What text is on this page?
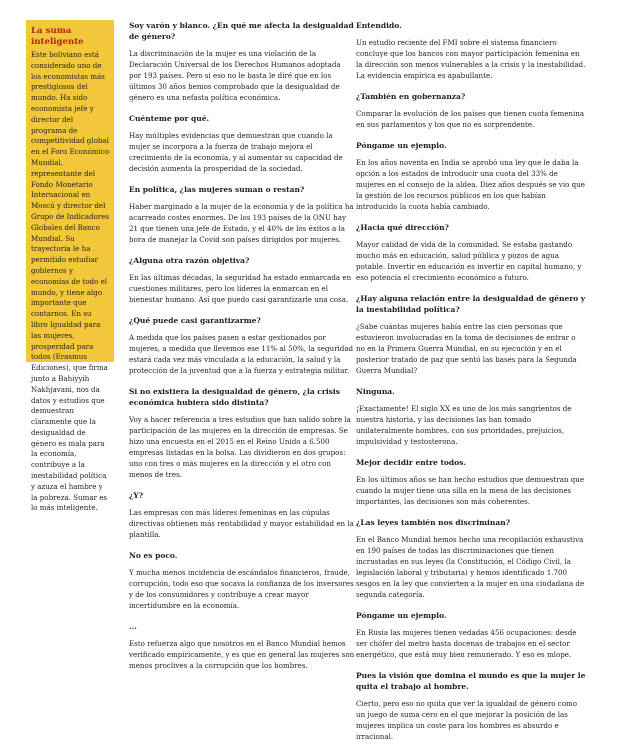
La suma inteligente

Este boliviano está considerado uno de los economistas más prestigiosos del mundo. Ha sido economista jefe y director del programa de competitividad global en el Foro Económico Mundial, representante del Fondo Monetario Internacional en Moscú y director del Grupo de Indicadores Globales del Banco Mundial. Su trayectoria le ha permitido estudiar gobiernos y economías de todo el mundo, y tiene algo importante que contarnos. En su libro Igualdad para las mujeres, prosperidad para todos (Erasmus Ediciones), que firma junto a Bahiyyih Nakhjavani, nos da datos y estudios que demuestran claramente que la desigualdad de género es mala para la economía, contribuye a la inestabilidad política y azuza el hambre y la pobreza. Sumar es lo más inteligente.

Soy varón y blanco. ¿En qué me afecta la desigualdad de género?

La discriminación de la mujer es una violación de la Declaración Universal de los Derechos Humanos adoptada por 193 países. Pero si eso no le basta le diré que en los últimos 30 años hemos comprobado que la desigualdad de género es una nefasta política económica.

Cuénteme por qué.

Hay múltiples evidencias que demuestran que cuando la mujer se incorpora a la fuerza de trabajo mejora el crecimiento de la economía, y al aumentar su capacidad de decisión aumenta la prosperidad de la sociedad.

En política, ¿las mujeres suman o restan?

Haber marginado a la mujer de la economía y de la política ha acarreado costes enormes. De los 193 países de la ONU hay 21 que tienen una jefe de Estado, y el 40% de los éxitos a la hora de manejar la Covid son países dirigidos por mujeres.

¿Alguna otra razón objetiva?

En las últimas décadas, la seguridad ha estado enmarcada en cuestiones militares, pero los líderes la enmarcan en el bienestar humano. Así que puedo casi garantizarle una cosa.

¿Qué puede casi garantizarme?

A medida que los países pasen a estar gestionados por mujeres, a medida que llevemos ese 11% al 50%, la seguridad estará cada vez más vinculada a la educación, la salud y la protección de la juventud que a la fuerza y estrategia militar.

Si no existiera la desigualdad de género, ¿la crisis económica hubiera sido distinta?

Voy a hacer referencia a tres estudios que han salido sobre la participación de las mujeres en la dirección de empresas. Se hizo una encuesta en el 2015 en el Reino Unido a 6.500 empresas listadas en la bolsa. Las dividieron en dos grupos: uno con tres o más mujeres en la dirección y el otro con menos de tres.

¿Y?

Las empresas con más líderes femeninas en las cúpulas directivas obtienen más rentabilidad y mayor estabilidad en la plantilla.

No es poco.

Y mucha menos incidencia de escándalos financieros, fraude, corrupción, todo eso que socava la confianza de los inversores y de los consumidores y contribuye a crear mayor incertidumbre en la economía.

...

Esto refuerza algo que nosotros en el Banco Mundial hemos verificado empíricamente, y es que en general las mujeres son menos proclives a la corrupción que los hombres.

Entendido.

Un estudio reciente del FMI sobre el sistema financiero concluye que los bancos con mayor participación femenina en la dirección son menos vulnerables a la crisis y la inestabilidad. La evidencia empírica es apabullante.

¿También en gobernanza?

Comparar la evolución de los países que tienen cuota femenina en sus parlamentos y los que no es sorprendente.

Póngame un ejemplo.

En los años noventa en India se aprobó una ley que le daba la opción a los estados de introducir una cuota del 33% de mujeres en el consejo de la aldea. Diez años después se vio que la gestión de los recursos públicos en los que habían introducido la cuota había cambiado.

¿Hacia qué dirección?

Mayor calidad de vida de la comunidad. Se estaba gastando mucho más en educación, salud pública y pozos de agua potable. Invertir en educación es invertir en capital humano, y eso potencia el crecimiento económico a futuro.

¿Hay alguna relación entre la desigualdad de género y la inestabilidad política?

¿Sabe cuántas mujeres había entre las cien personas que estuvieron involucradas en la toma de decisiones de entrar o no en la Primera Guerra Mundial, en su ejecución y en el posterior tratado de paz que sentó las bases para la Segunda Guerra Mundial?

Ninguna.

¡Exactamente! El siglo XX es uno de los más sangrientos de nuestra historia, y las decisiones las han tomado unilateralmente hombres, con sus prioridades, prejuicios, impulsividad y testosterona.

Mejor decidir entre todos.

En los últimos años se han hecho estudios que demuestran que cuando la mujer tiene una silla en la mesa de las decisiones importantes, las decisiones son más coherentes.

¿Las leyes también nos discriminan?

En el Banco Mundial hemos hecho una recopilación exhaustiva en 190 países de todas las discriminaciones que tienen incrustadas en sus leyes (la Constitución, el Código Civil, la legislación laboral y tributaria) y hemos identificado 1.700 sesgos en la ley que convierten a la mujer en una ciudadana de segunda categoría.

Póngame un ejemplo.

En Rusia las mujeres tienen vedadas 456 ocupaciones: desde ser chófer del metro hasta docenas de trabajos en el sector energético, que está muy bien remunerado. Y eso es mlope.

Pues la visión que domina el mundo es que la mujer le quita el trabajo al hombre.

Cierto, pero eso no quita que ver la igualdad de género como un juego de suma cero en el que mejorar la posición de las mujeres implica un coste para los hombres es absurdo e irracional.
